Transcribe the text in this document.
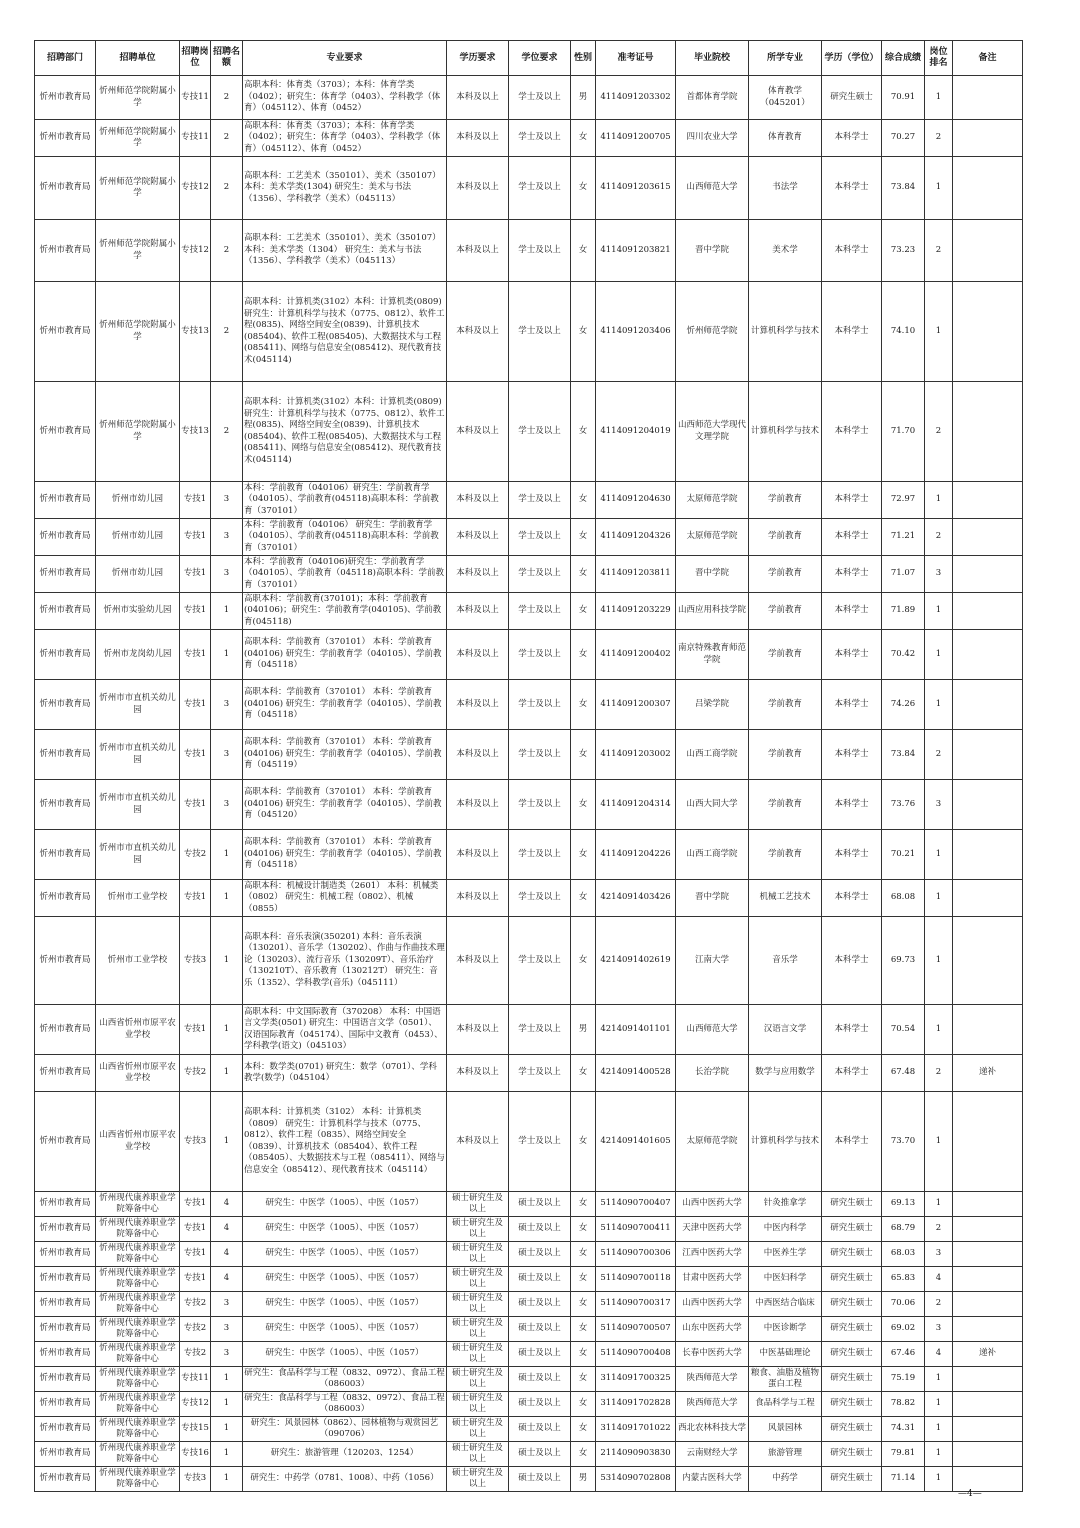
招聘部门	招聘单位	招聘岗位	招聘名额	专业要求	学历要求	学位要求	性别	准考证号	毕业院校	所学专业	学历（学位）	综合成绩	岗位排名	备注
忻州市教育局	忻州师范学院附属小学	专技11	2	高职本科：体育类（3703）；本科：体育学类（0402）；研究生：体育学（0403）、学科教学（体育）（045112）、体育（0452）	本科及以上	学士及以上	男	4114091203302	首都体育学院	体育教学（045201）	研究生硕士	70.91	1	
忻州市教育局	忻州师范学院附属小学	专技11	2	高职本科：体育类（3703）；本科：体育学类（0402）；研究生：体育学（0403）、学科教学（体育）（045112）、体育（0452）	本科及以上	学士及以上	女	4114091200705	四川农业大学	体育教育	本科学士	70.27	2	
忻州市教育局	忻州师范学院附属小学	专技12	2	高职本科：工艺美术（350101）、美术（350107） 本科：美术学类(1304) 研究生：美术与书法（1356）、学科教学（美术）（045113）	本科及以上	学士及以上	女	4114091203615	山西师范大学	书法学	本科学士	73.84	1	
忻州市教育局	忻州师范学院附属小学	专技12	2	高职本科：工艺美术（350101）、美术（350107） 本科：美术学类（1304） 研究生：美术与书法（1356）、学科教学（美术）（045113）	本科及以上	学士及以上	女	4114091203821	晋中学院	美术学	本科学士	73.23	2	
忻州市教育局	忻州师范学院附属小学	专技13	2	高职本科：计算机类(3102）本科：计算机类(0809) 研究生：计算机科学与技术（0775、0812）、软件工程(0835)、网络空间安全(0839)、计算机技术(085404)、软件工程(085405)、大数据技术与工程(085411)、网络与信息安全(085412)、现代教育技术(045114)	本科及以上	学士及以上	女	4114091203406	忻州师范学院	计算机科学与技术	本科学士	74.10	1	
忻州市教育局	忻州师范学院附属小学	专技13	2	高职本科：计算机类(3102）本科：计算机类(0809) 研究生：计算机科学与技术（0775、0812）、软件工程(0835)、网络空间安全(0839)、计算机技术(085404)、软件工程(085405)、大数据技术与工程(085411)、网络与信息安全(085412)、现代教育技术(045114)	本科及以上	学士及以上	女	4114091204019	山西师范大学现代文理学院	计算机科学与技术	本科学士	71.70	2	
忻州市教育局	忻州市幼儿园	专技1	3	本科：学前教育（040106）研究生：学前教育学（040105）、学前教育(045118)高职本科：学前教育（370101）	本科及以上	学士及以上	女	4114091204630	太原师范学院	学前教育	本科学士	72.97	1	
忻州市教育局	忻州市幼儿园	专技1	3	本科：学前教育（040106） 研究生：学前教育学（040105）、学前教育(045118)高职本科：学前教育（370101）	本科及以上	学士及以上	女	4114091204326	太原师范学院	学前教育	本科学士	71.21	2	
忻州市教育局	忻州市幼儿园	专技1	3	本科：学前教育（040106)研究生：学前教育学（040105）、学前教育（045118)高职本科：学前教育（370101）	本科及以上	学士及以上	女	4114091203811	晋中学院	学前教育	本科学士	71.07	3	
忻州市教育局	忻州市实验幼儿园	专技1	1	高职本科：学前教育(370101)；本科：学前教育(040106)；研究生：学前教育学(040105)、学前教育(045118)	本科及以上	学士及以上	女	4114091203229	山西应用科技学院	学前教育	本科学士	71.89	1	
忻州市教育局	忻州市龙岗幼儿园	专技1	1	高职本科：学前教育（370101） 本科：学前教育(040106) 研究生：学前教育学（040105）、学前教育（045118）	本科及以上	学士及以上	女	4114091200402	南京特殊教育师范学院	学前教育	本科学士	70.42	1	
忻州市教育局	忻州市市直机关幼儿园	专技1	3	高职本科：学前教育（370101） 本科：学前教育(040106) 研究生：学前教育学（040105）、学前教育（045118）	本科及以上	学士及以上	女	4114091200307	吕梁学院	学前教育	本科学士	74.26	1	
忻州市教育局	忻州市市直机关幼儿园	专技1	3	高职本科：学前教育（370101） 本科：学前教育(040106) 研究生：学前教育学（040105）、学前教育（045119）	本科及以上	学士及以上	女	4114091203002	山西工商学院	学前教育	本科学士	73.84	2	
忻州市教育局	忻州市市直机关幼儿园	专技1	3	高职本科：学前教育（370101） 本科：学前教育(040106) 研究生：学前教育学（040105）、学前教育（045120）	本科及以上	学士及以上	女	4114091204314	山西大同大学	学前教育	本科学士	73.76	3	
忻州市教育局	忻州市市直机关幼儿园	专技2	1	高职本科：学前教育（370101） 本科：学前教育(040106) 研究生：学前教育学（040105）、学前教育（045118）	本科及以上	学士及以上	女	4114091204226	山西工商学院	学前教育	本科学士	70.21	1	
忻州市教育局	忻州市工业学校	专技1	1	高职本科：机械设计制造类（2601） 本科：机械类（0802） 研究生：机械工程（0802）、机械（0855）	本科及以上	学士及以上	女	4214091403426	晋中学院	机械工艺技术	本科学士	68.08	1	
忻州市教育局	忻州市工业学校	专技3	1	高职本科：音乐表演(350201) 本科：音乐表演（130201）、音乐学（130202）、作曲与作曲技术理论（130203）、流行音乐（130209T）、音乐治疗（130210T）、音乐教育（130212T） 研究生：音乐（1352）、学科教学(音乐)（045111）	本科及以上	学士及以上	女	4214091402619	江南大学	音乐学	本科学士	69.73	1	
忻州市教育局	山西省忻州市原平农业学校	专技1	1	高职本科：中文国际教育（370208） 本科：中国语言文学类(0501) 研究生：中国语言文学（0501）、汉语国际教育（045174）、国际中文教育（0453）、学科教学(语文)（045103）	本科及以上	学士及以上	男	4214091401101	山西师范大学	汉语言文学	本科学士	70.54	1	
忻州市教育局	山西省忻州市原平农业学校	专技2	1	本科：数学类(0701) 研究生：数学（0701）、学科教学(数学)（045104）	本科及以上	学士及以上	女	4214091400528	长治学院	数学与应用数学	本科学士	67.48	2	递补
忻州市教育局	山西省忻州市原平农业学校	专技3	1	高职本科：计算机类（3102） 本科：计算机类（0809） 研究生：计算机科学与技术（0775、0812）、软件工程（0835）、网络空间安全（0839）、计算机技术（085404）、软件工程（085405）、大数据技术与工程（085411）、网络与信息安全（085412）、现代教育技术（045114）	本科及以上	学士及以上	女	4214091401605	太原师范学院	计算机科学与技术	本科学士	73.70	1	
忻州市教育局	忻州现代康养职业学院筹备中心	专技1	4	研究生：中医学（1005）、中医（1057）	硕士研究生及以上	硕士及以上	女	5114090700407	山西中医药大学	针灸推拿学	研究生硕士	69.13	1	
忻州市教育局	忻州现代康养职业学院筹备中心	专技1	4	研究生：中医学（1005）、中医（1057）	硕士研究生及以上	硕士及以上	女	5114090700411	天津中医药大学	中医内科学	研究生硕士	68.79	2	
忻州市教育局	忻州现代康养职业学院筹备中心	专技1	4	研究生：中医学（1005）、中医（1057）	硕士研究生及以上	硕士及以上	女	5114090700306	江西中医药大学	中医养生学	研究生硕士	68.03	3	
忻州市教育局	忻州现代康养职业学院筹备中心	专技1	4	研究生：中医学（1005）、中医（1057）	硕士研究生及以上	硕士及以上	女	5114090700118	甘肃中医药大学	中医妇科学	研究生硕士	65.83	4	
忻州市教育局	忻州现代康养职业学院筹备中心	专技2	3	研究生：中医学（1005）、中医（1057）	硕士研究生及以上	硕士及以上	女	5114090700317	山西中医药大学	中西医结合临床	研究生硕士	70.06	2	
忻州市教育局	忻州现代康养职业学院筹备中心	专技2	3	研究生：中医学（1005）、中医（1057）	硕士研究生及以上	硕士及以上	女	5114090700507	山东中医药大学	中医诊断学	研究生硕士	69.02	3	
忻州市教育局	忻州现代康养职业学院筹备中心	专技2	3	研究生：中医学（1005）、中医（1057）	硕士研究生及以上	硕士及以上	女	5114090700408	长春中医药大学	中医基础理论	研究生硕士	67.46	4	递补
忻州市教育局	忻州现代康养职业学院筹备中心	专技11	1	研究生：食品科学与工程（0832、0972）、食品工程（086003）	硕士研究生及以上	硕士及以上	女	3114091700325	陕西师范大学	粮食、油脂及植物蛋白工程	研究生硕士	75.19	1	
忻州市教育局	忻州现代康养职业学院筹备中心	专技12	1	研究生：食品科学与工程（0832、0972）、食品工程（086003）	硕士研究生及以上	硕士及以上	女	3114091702828	陕西师范大学	食品科学与工程	研究生硕士	78.82	1	
忻州市教育局	忻州现代康养职业学院筹备中心	专技15	1	研究生：风景园林（0862）、园林植物与观赏园艺（090706）	硕士研究生及以上	硕士及以上	女	3114091701022	西北农林科技大学	风景园林	研究生硕士	74.31	1	
忻州市教育局	忻州现代康养职业学院筹备中心	专技16	1	研究生：旅游管理（120203、1254）	硕士研究生及以上	硕士及以上	女	2114090903830	云南财经大学	旅游管理	研究生硕士	79.81	1	
忻州市教育局	忻州现代康养职业学院筹备中心	专技3	1	研究生：中药学（0781、1008）、中药（1056）	硕士研究生及以上	硕士及以上	男	5314090702808	内蒙古医科大学	中药学	研究生硕士	71.14	1	
—4—
